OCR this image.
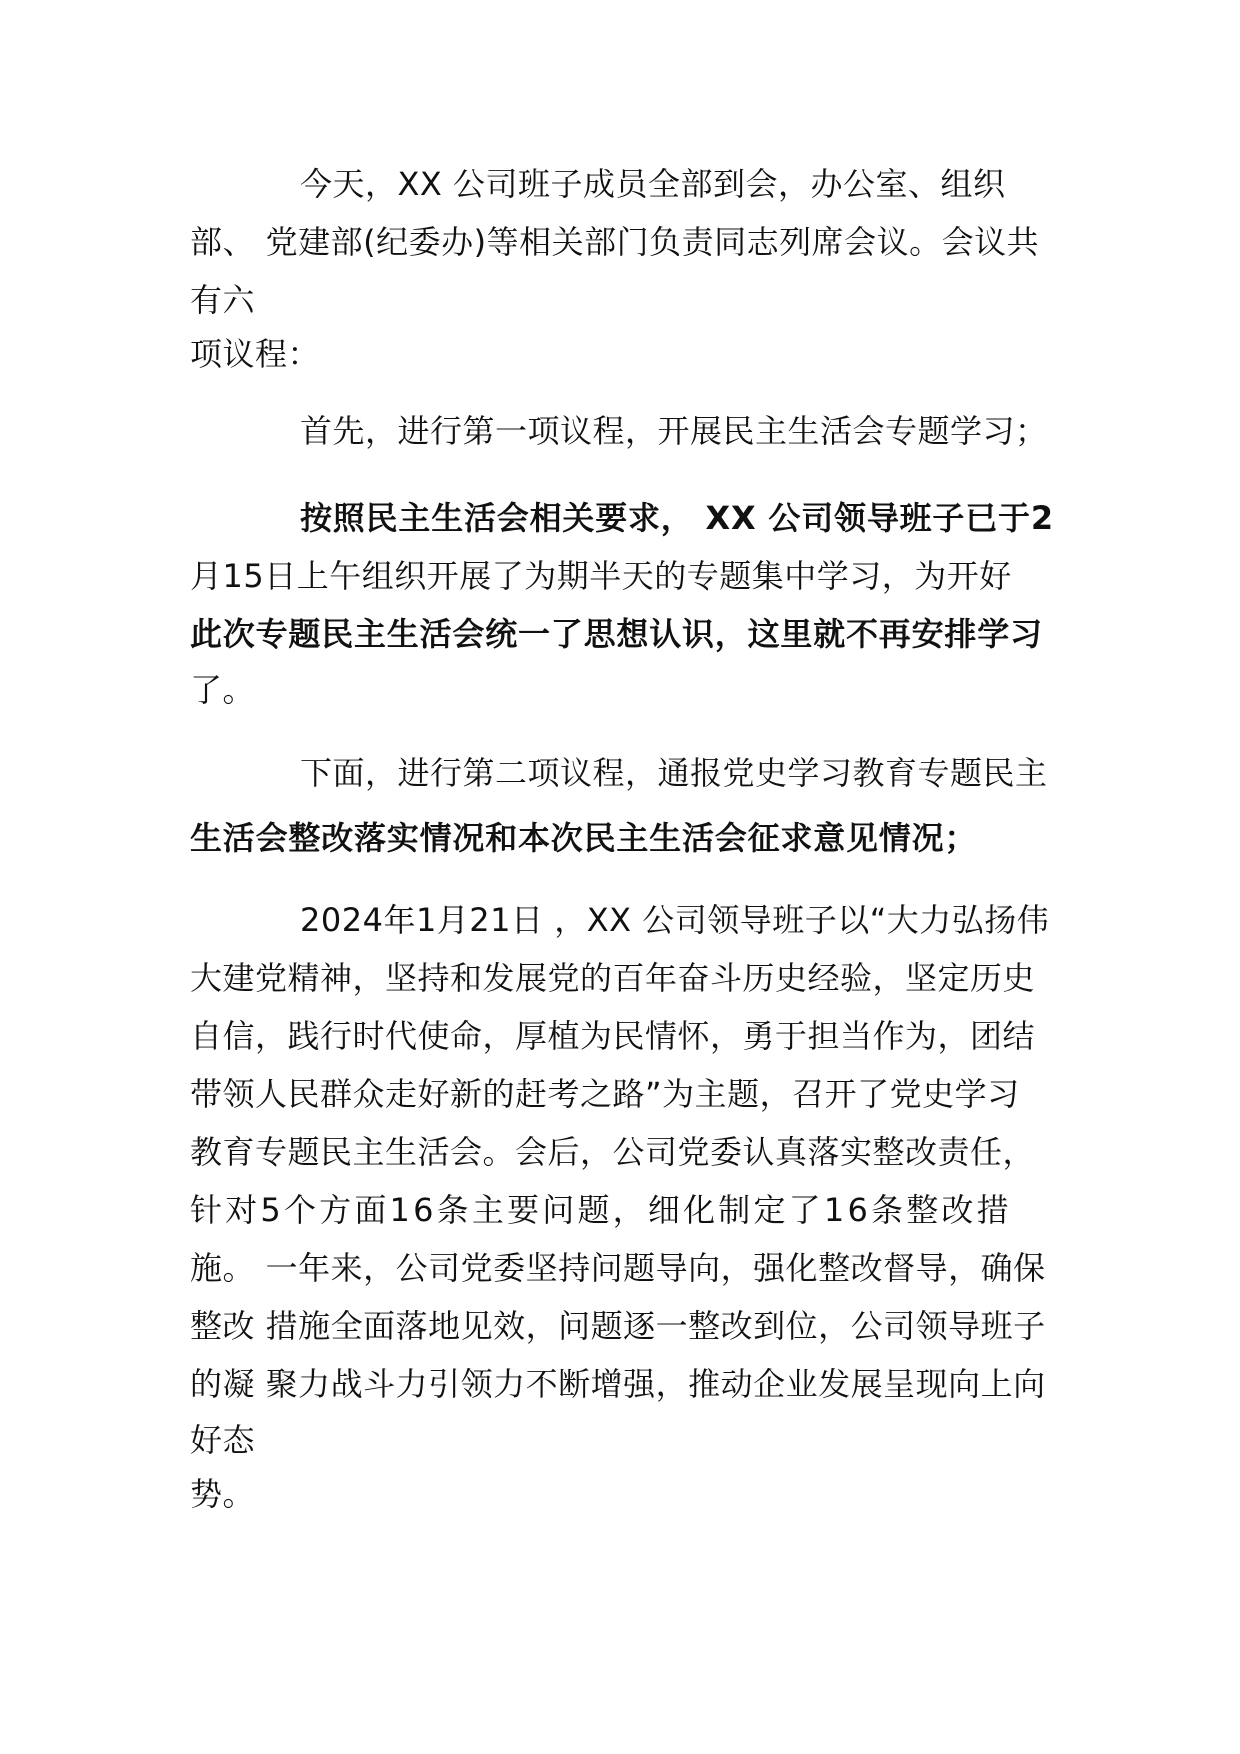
今天，XX 公司班子成员全部到会，办公室、组织
部、 党建部(纪委办)等相关部门负责同志列席会议。会议共
有六
项议程：
首先，进行第一项议程，开展民主生活会专题学习；
按照民主生活会相关要求， XX 公司领导班子已于2
月15日上午组织开展了为期半天的专题集中学习，为开好
此次专题民主生活会统一了思想认识，这里就不再安排学习
了。
下面，进行第二项议程，通报党史学习教育专题民主
生活会整改落实情况和本次民主生活会征求意见情况；
2024年1月21日 ，XX 公司领导班子以“大力弘扬伟
大建党精神，坚持和发展党的百年奋斗历史经验，坚定历史
自信，践行时代使命，厚植为民情怀，勇于担当作为，团结
带领人民群众走好新的赶考之路”为主题，召开了党史学习
教育专题民主生活会。会后，公司党委认真落实整改责任，
针对5个方面16条主要问题，细化制定了16条整改措
施。 一年来，公司党委坚持问题导向，强化整改督导，确保
整改 措施全面落地见效，问题逐一整改到位，公司领导班子
的凝 聚力战斗力引领力不断增强，推动企业发展呈现向上向
好态
势。
